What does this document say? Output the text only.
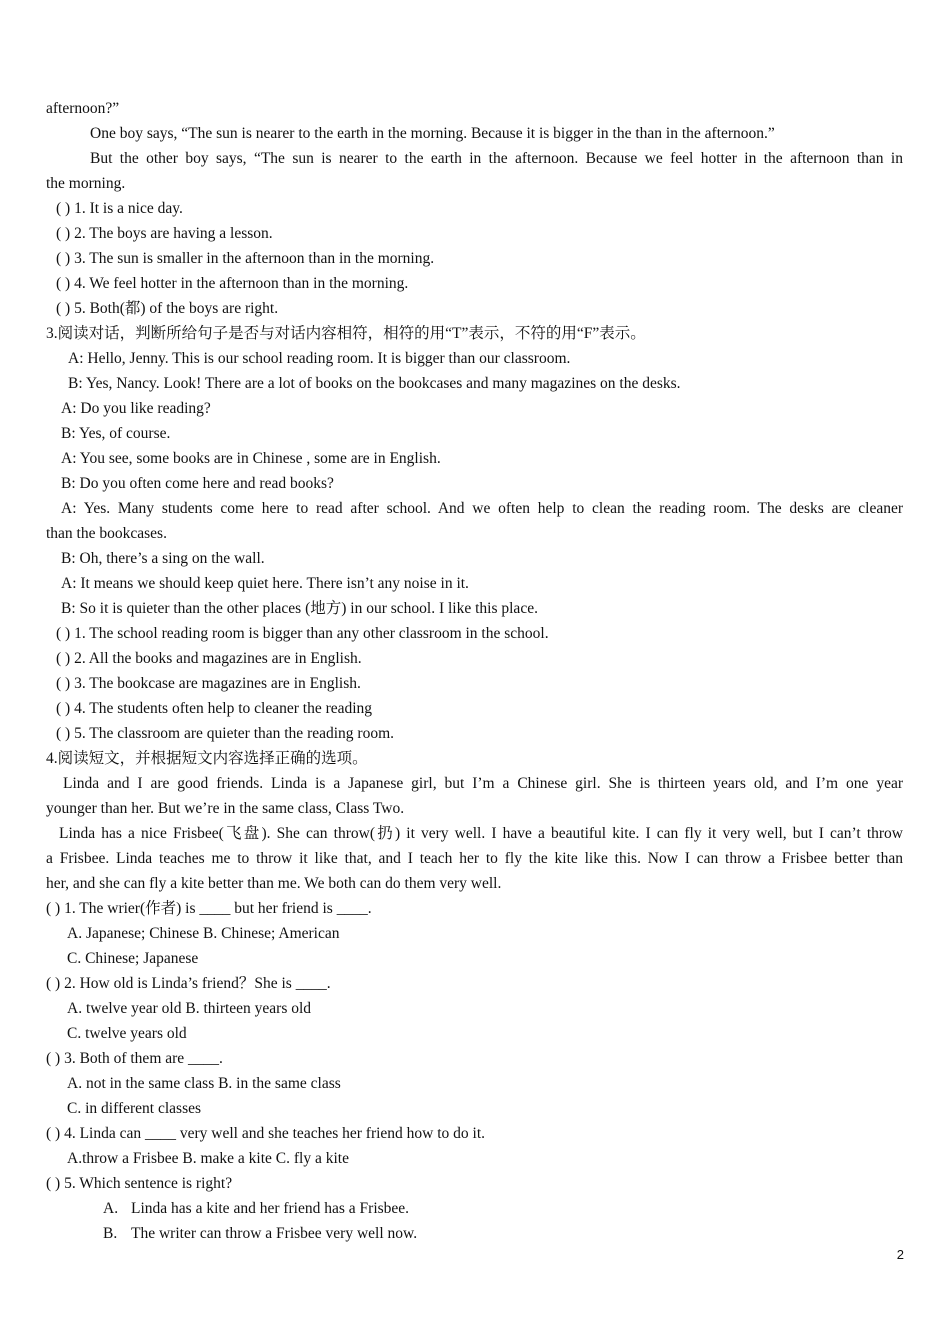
afternoon?”
One boy says, “The sun is nearer to the earth in the morning. Because it is bigger in the than in the afternoon.”
But the other boy says, “The sun is nearer to the earth in the afternoon. Because we feel hotter in the afternoon than in
the morning.
( ) 1. It is a nice day.
( ) 2. The boys are having a lesson.
( ) 3. The sun is smaller in the afternoon than in the morning.
( ) 4. We feel hotter in the afternoon than in the morning.
( ) 5. Both(都) of the boys are right.
3.阅读对话，判断所给句子是否与对话内容相符，相符的用“T”表示，不符的用“F”表示。
A: Hello, Jenny. This is our school reading room. It is bigger than our classroom.
B: Yes, Nancy. Look! There are a lot of books on the bookcases and many magazines on the desks.
A: Do you like reading?
B: Yes, of course.
A: You see, some books are in Chinese , some are in English.
B: Do you often come here and read books?
A: Yes. Many students come here to read after school. And we often help to clean the reading room. The desks are cleaner
than the bookcases.
B: Oh, there’s a sing on the wall.
A: It means we should keep quiet here. There isn’t any noise in it.
B: So it is quieter than the other places (地方) in our school. I like this place.
( ) 1. The school reading room is bigger than any other classroom in the school.
( ) 2. All the books and magazines are in English.
( ) 3. The bookcase are magazines are in English.
( ) 4. The students often help to cleaner the reading
( ) 5. The classroom are quieter than the reading room.
4.阅读短文，并根据短文内容选择正确的选项。
Linda and I are good friends. Linda is a Japanese girl, but I’m a Chinese girl. She is thirteen years old, and I’m one year
younger than her. But we’re in the same class, Class Two.
Linda has a nice Frisbee(飞盘). She can throw(扔) it very well. I have a beautiful kite. I can fly it very well, but I can’t throw
a Frisbee. Linda teaches me to throw it like that, and I teach her to fly the kite like this. Now I can throw a Frisbee better than
her, and she can fly a kite better than me. We both can do them very well.
( ) 1. The wrier(作者) is ____ but her friend is ____.
A. Japanese; Chinese B. Chinese; American
C. Chinese; Japanese
( ) 2. How old is Linda’s friend？She is ____.
A. twelve year old B. thirteen years old
C. twelve years old
( ) 3. Both of them are ____.
A. not in the same class B. in the same class
C. in different classes
( ) 4. Linda can ____ very well and she teaches her friend how to do it.
A.throw a Frisbee B. make a kite C. fly a kite
( ) 5. Which sentence is right?
A. Linda has a kite and her friend has a Frisbee.
B. The writer can throw a Frisbee very well now.
2
